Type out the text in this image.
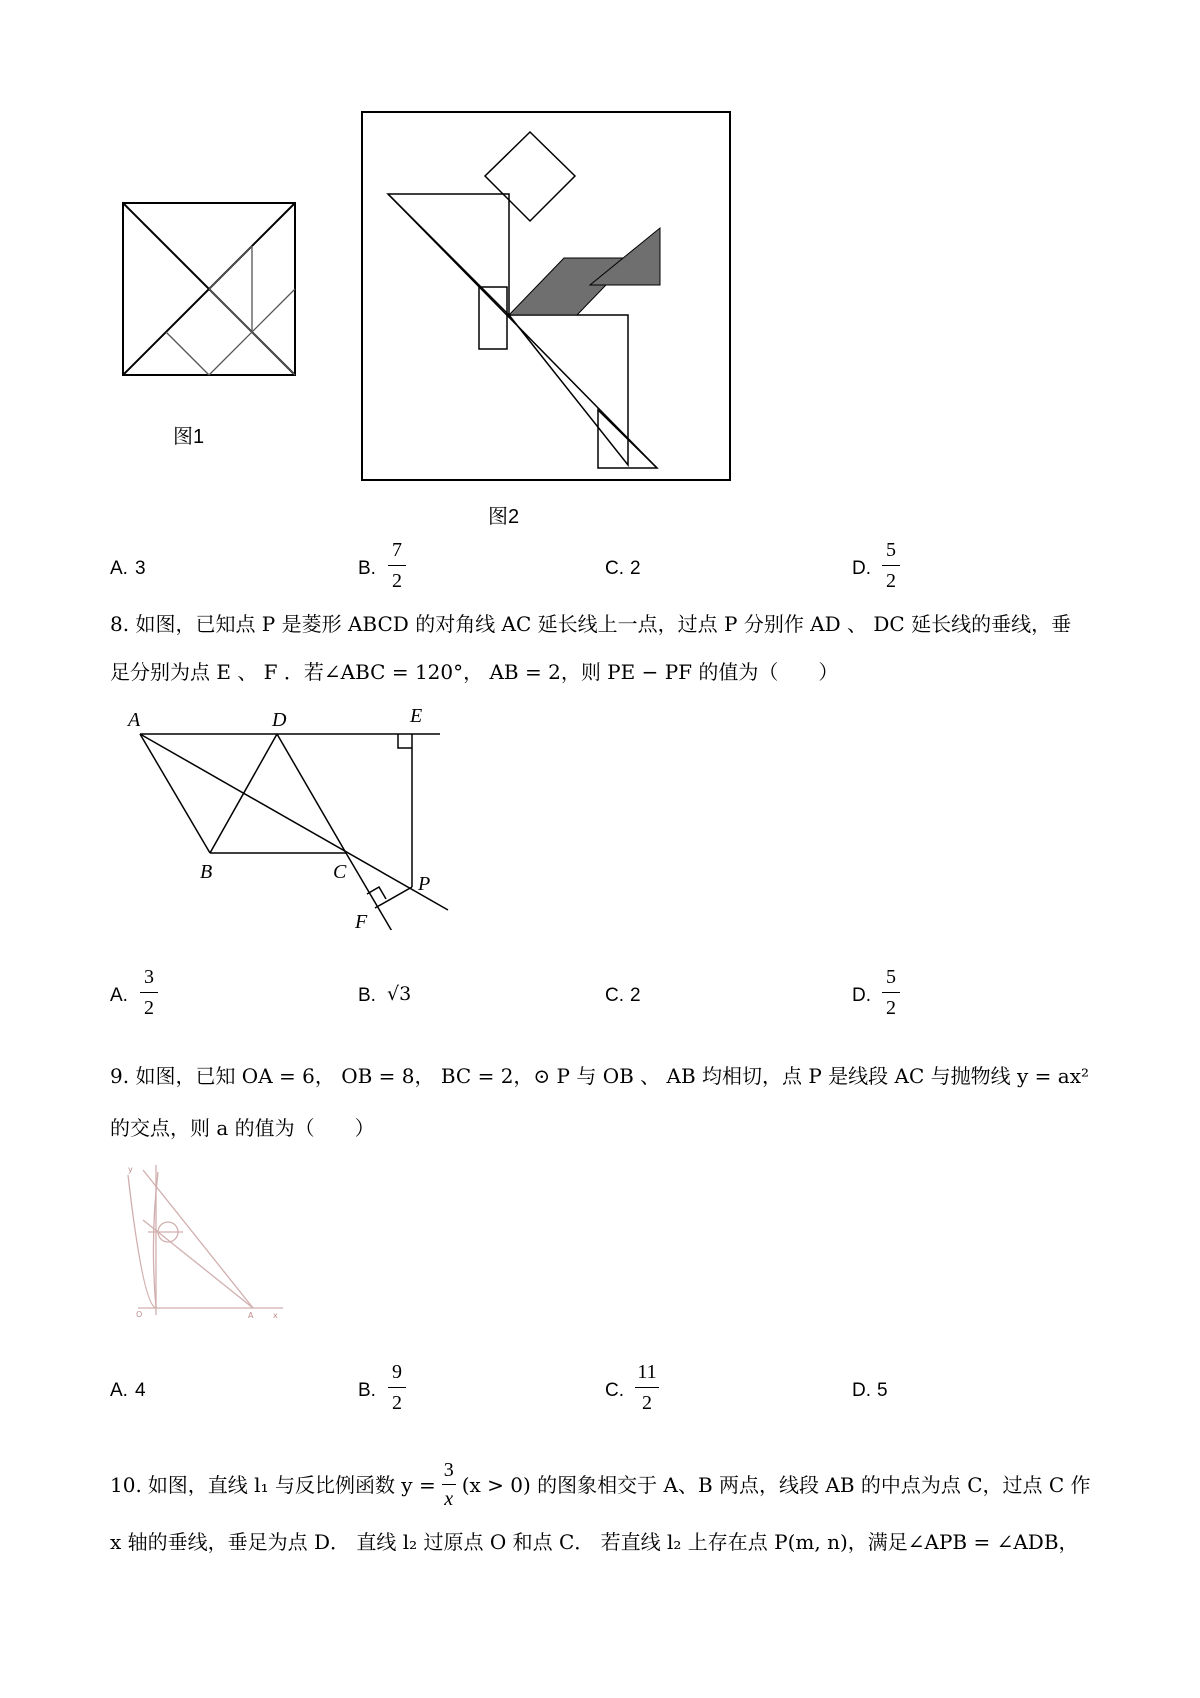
图1
图2
A. 3	B.
7
2
C. 2	D.
5
2
8. 如图，已知点 P 是菱形 ABCD 的对角线 AC 延长线上一点，过点 P 分别作 AD 、 DC 延长线的垂线，垂
足分别为点 E 、 F ．若∠ABC = 120°， AB = 2，则 PE − PF 的值为（　　）
A	D	E
B	C
P
F
A.
3
2
B. √3	C. 2	D.
5
2
9. 如图，已知 OA = 6， OB = 8， BC = 2，⊙ P 与 OB 、 AB 均相切，点 P 是线段 AC 与抛物线 y = ax²
的交点，则 a 的值为（　　）
y
O	A x
A. 4	B.
9
2
C.
11
2
D. 5
10. 如图，直线 l₁ 与反比例函数 y =
3
x
(x > 0) 的图象相交于 A、B 两点，线段 AB 的中点为点 C，过点 C 作
x 轴的垂线，垂足为点 D． 直线 l₂ 过原点 O 和点 C． 若直线 l₂ 上存在点 P(m, n)，满足∠APB = ∠ADB，
